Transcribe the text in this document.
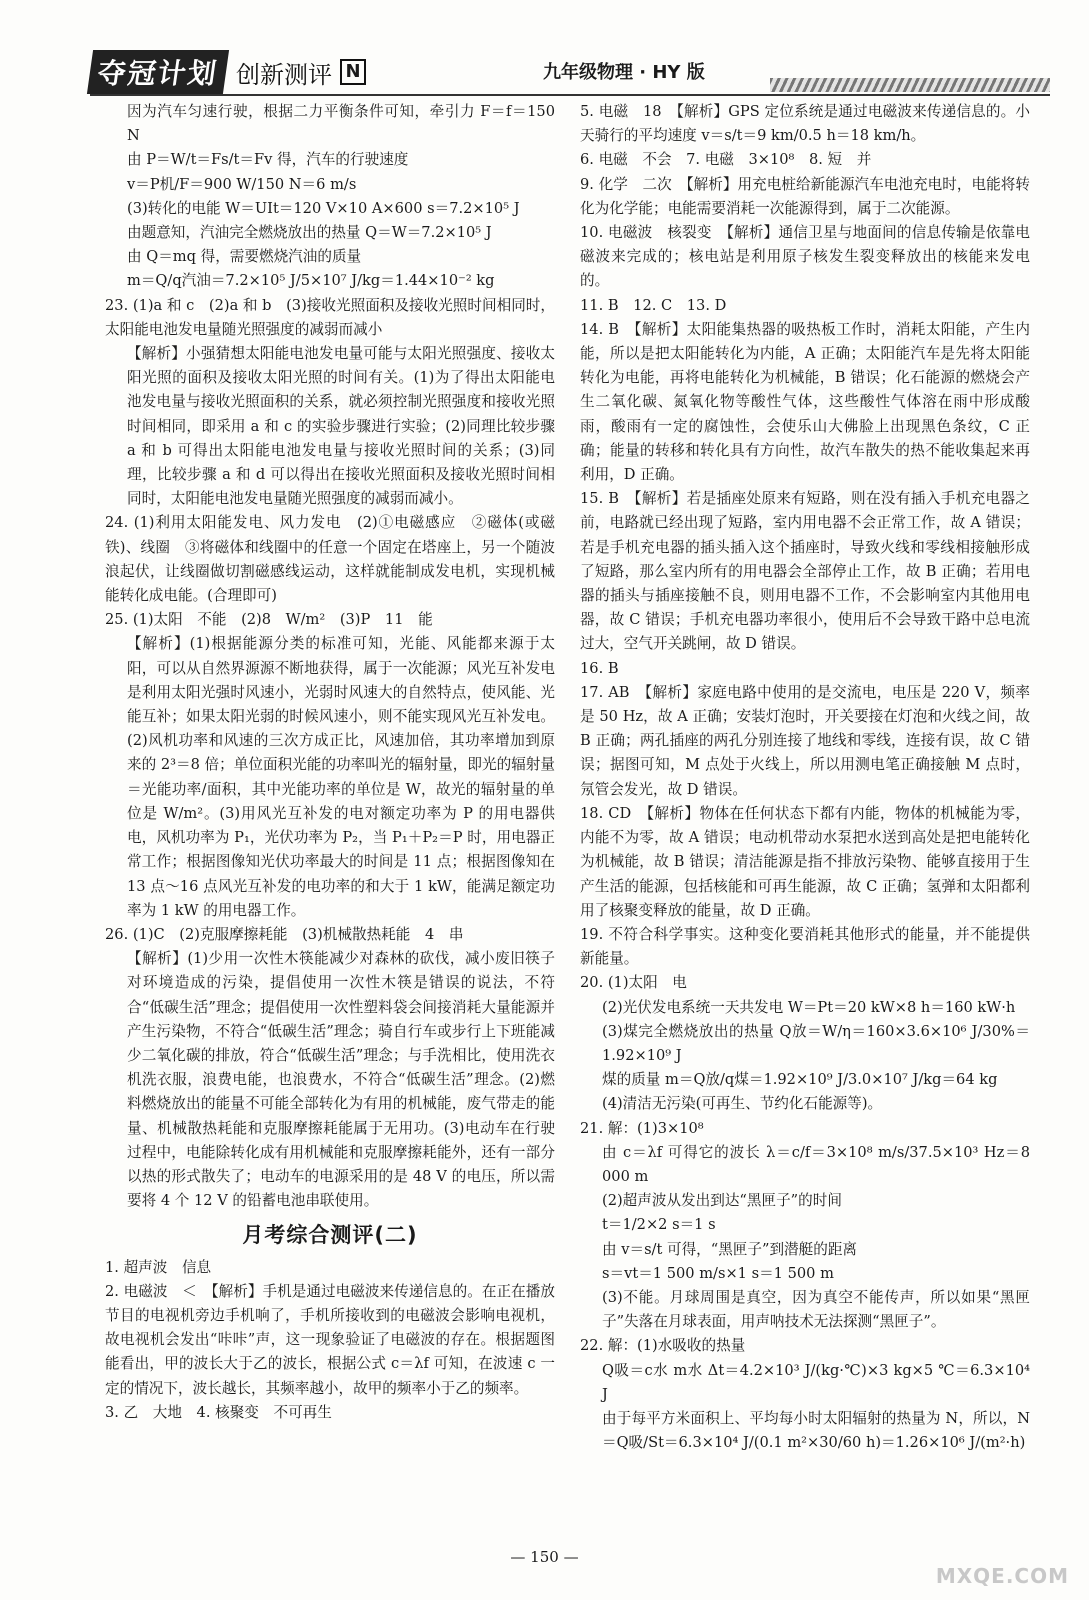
夺冠计划 创新测评 N	九年级物理 · HY 版

因为汽车匀速行驶，根据二力平衡条件可知，牵引力 F＝f＝150 N

由 P＝W/t＝Fs/t＝Fv 得，汽车的行驶速度

v＝P机/F＝900 W/150 N＝6 m/s

(3)转化的电能 W＝UIt＝120 V×10 A×600 s＝7.2×10⁵ J

由题意知，汽油完全燃烧放出的热量 Q＝W＝7.2×10⁵ J

由 Q＝mq 得，需要燃烧汽油的质量

m＝Q/q汽油＝7.2×10⁵ J/5×10⁷ J/kg＝1.44×10⁻² kg

23. (1)a 和 c　(2)a 和 b　(3)接收光照面积及接收光照时间相同时，太阳能电池发电量随光照强度的减弱而减小

【解析】小强猜想太阳能电池发电量可能与太阳光照强度、接收太阳光照的面积及接收太阳光照的时间有关。(1)为了得出太阳能电池发电量与接收光照面积的关系，就必须控制光照强度和接收光照时间相同，即采用 a 和 c 的实验步骤进行实验；(2)同理比较步骤 a 和 b 可得出太阳能电池发电量与接收光照时间的关系；(3)同理，比较步骤 a 和 d 可以得出在接收光照面积及接收光照时间相同时，太阳能电池发电量随光照强度的减弱而减小。

24. (1)利用太阳能发电、风力发电　(2)①电磁感应　②磁体(或磁铁)、线圈　③将磁体和线圈中的任意一个固定在塔座上，另一个随波浪起伏，让线圈做切割磁感线运动，这样就能制成发电机，实现机械能转化成电能。(合理即可)

25. (1)太阳　不能　(2)8　W/m²　(3)P　11　能

【解析】(1)根据能源分类的标准可知，光能、风能都来源于太阳，可以从自然界源源不断地获得，属于一次能源；风光互补发电是利用太阳光强时风速小，光弱时风速大的自然特点，使风能、光能互补；如果太阳光弱的时候风速小，则不能实现风光互补发电。(2)风机功率和风速的三次方成正比，风速加倍，其功率增加到原来的 2³＝8 倍；单位面积光能的功率叫光的辐射量，即光的辐射量＝光能功率/面积，其中光能功率的单位是 W，故光的辐射量的单位是 W/m²。(3)用风光互补发的电对额定功率为 P 的用电器供电，风机功率为 P₁，光伏功率为 P₂，当 P₁＋P₂＝P 时，用电器正常工作；根据图像知光伏功率最大的时间是 11 点；根据图像知在 13 点～16 点风光互补发的电功率的和大于 1 kW，能满足额定功率为 1 kW 的用电器工作。

26. (1)C　(2)克服摩擦耗能　(3)机械散热耗能　4　串

【解析】(1)少用一次性木筷能减少对森林的砍伐，减小废旧筷子对环境造成的污染，提倡使用一次性木筷是错误的说法，不符合“低碳生活”理念；提倡使用一次性塑料袋会间接消耗大量能源并产生污染物，不符合“低碳生活”理念；骑自行车或步行上下班能减少二氧化碳的排放，符合“低碳生活”理念；与手洗相比，使用洗衣机洗衣服，浪费电能，也浪费水，不符合“低碳生活”理念。(2)燃料燃烧放出的能量不可能全部转化为有用的机械能，废气带走的能量、机械散热耗能和克服摩擦耗能属于无用功。(3)电动车在行驶过程中，电能除转化成有用机械能和克服摩擦耗能外，还有一部分以热的形式散失了；电动车的电源采用的是 48 V 的电压，所以需要将 4 个 12 V 的铅蓄电池串联使用。

月考综合测评(二)

1. 超声波　信息

2. 电磁波　＜　【解析】手机是通过电磁波来传递信息的。在正在播放节目的电视机旁边手机响了，手机所接收到的电磁波会影响电视机，故电视机会发出“咔咔”声，这一现象验证了电磁波的存在。根据题图能看出，甲的波长大于乙的波长，根据公式 c＝λf 可知，在波速 c 一定的情况下，波长越长，其频率越小，故甲的频率小于乙的频率。

3. 乙　大地　4. 核聚变　不可再生

5. 电磁　18　【解析】GPS 定位系统是通过电磁波来传递信息的。小天骑行的平均速度 v＝s/t＝9 km/0.5 h＝18 km/h。

6. 电磁　不会　7. 电磁　3×10⁸　8. 短　并

9. 化学　二次　【解析】用充电桩给新能源汽车电池充电时，电能将转化为化学能；电能需要消耗一次能源得到，属于二次能源。

10. 电磁波　核裂变　【解析】通信卫星与地面间的信息传输是依靠电磁波来完成的；核电站是利用原子核发生裂变释放出的核能来发电的。

11. B　12. C　13. D

14. B　【解析】太阳能集热器的吸热板工作时，消耗太阳能，产生内能，所以是把太阳能转化为内能，A 正确；太阳能汽车是先将太阳能转化为电能，再将电能转化为机械能，B 错误；化石能源的燃烧会产生二氧化碳、氮氧化物等酸性气体，这些酸性气体溶在雨中形成酸雨，酸雨有一定的腐蚀性，会使乐山大佛脸上出现黑色条纹，C 正确；能量的转移和转化具有方向性，故汽车散失的热不能收集起来再利用，D 正确。

15. B　【解析】若是插座处原来有短路，则在没有插入手机充电器之前，电路就已经出现了短路，室内用电器不会正常工作，故 A 错误；若是手机充电器的插头插入这个插座时，导致火线和零线相接触形成了短路，那么室内所有的用电器会全部停止工作，故 B 正确；若用电器的插头与插座接触不良，则用电器不工作，不会影响室内其他用电器，故 C 错误；手机充电器功率很小，使用后不会导致干路中总电流过大，空气开关跳闸，故 D 错误。

16. B

17. AB　【解析】家庭电路中使用的是交流电，电压是 220 V，频率是 50 Hz，故 A 正确；安装灯泡时，开关要接在灯泡和火线之间，故 B 正确；两孔插座的两孔分别连接了地线和零线，连接有误，故 C 错误；据图可知，M 点处于火线上，所以用测电笔正确接触 M 点时，氖管会发光，故 D 错误。

18. CD　【解析】物体在任何状态下都有内能，物体的机械能为零，内能不为零，故 A 错误；电动机带动水泵把水送到高处是把电能转化为机械能，故 B 错误；清洁能源是指不排放污染物、能够直接用于生产生活的能源，包括核能和可再生能源，故 C 正确；氢弹和太阳都利用了核聚变释放的能量，故 D 正确。

19. 不符合科学事实。这种变化要消耗其他形式的能量，并不能提供新能量。

20. (1)太阳　电

(2)光伏发电系统一天共发电 W＝Pt＝20 kW×8 h＝160 kW·h

(3)煤完全燃烧放出的热量 Q放＝W/η＝160×3.6×10⁶ J/30%＝1.92×10⁹ J

煤的质量 m＝Q放/q煤＝1.92×10⁹ J/3.0×10⁷ J/kg＝64 kg

(4)清洁无污染(可再生、节约化石能源等)。

21. 解：(1)3×10⁸

由 c＝λf 可得它的波长 λ＝c/f＝3×10⁸ m/s/37.5×10³ Hz＝8 000 m

(2)超声波从发出到达“黑匣子”的时间

t＝1/2×2 s＝1 s

由 v＝s/t 可得，“黑匣子”到潜艇的距离

s＝vt＝1 500 m/s×1 s＝1 500 m

(3)不能。月球周围是真空，因为真空不能传声，所以如果“黑匣子”失落在月球表面，用声呐技术无法探测“黑匣子”。

22. 解：(1)水吸收的热量

Q吸＝c水 m水 Δt＝4.2×10³ J/(kg·℃)×3 kg×5 ℃＝6.3×10⁴ J

由于每平方米面积上、平均每小时太阳辐射的热量为 N，所以，N＝Q吸/St＝6.3×10⁴ J/(0.1 m²×30/60 h)＝1.26×10⁶ J/(m²·h)

— 150 —
MXQE.COM
